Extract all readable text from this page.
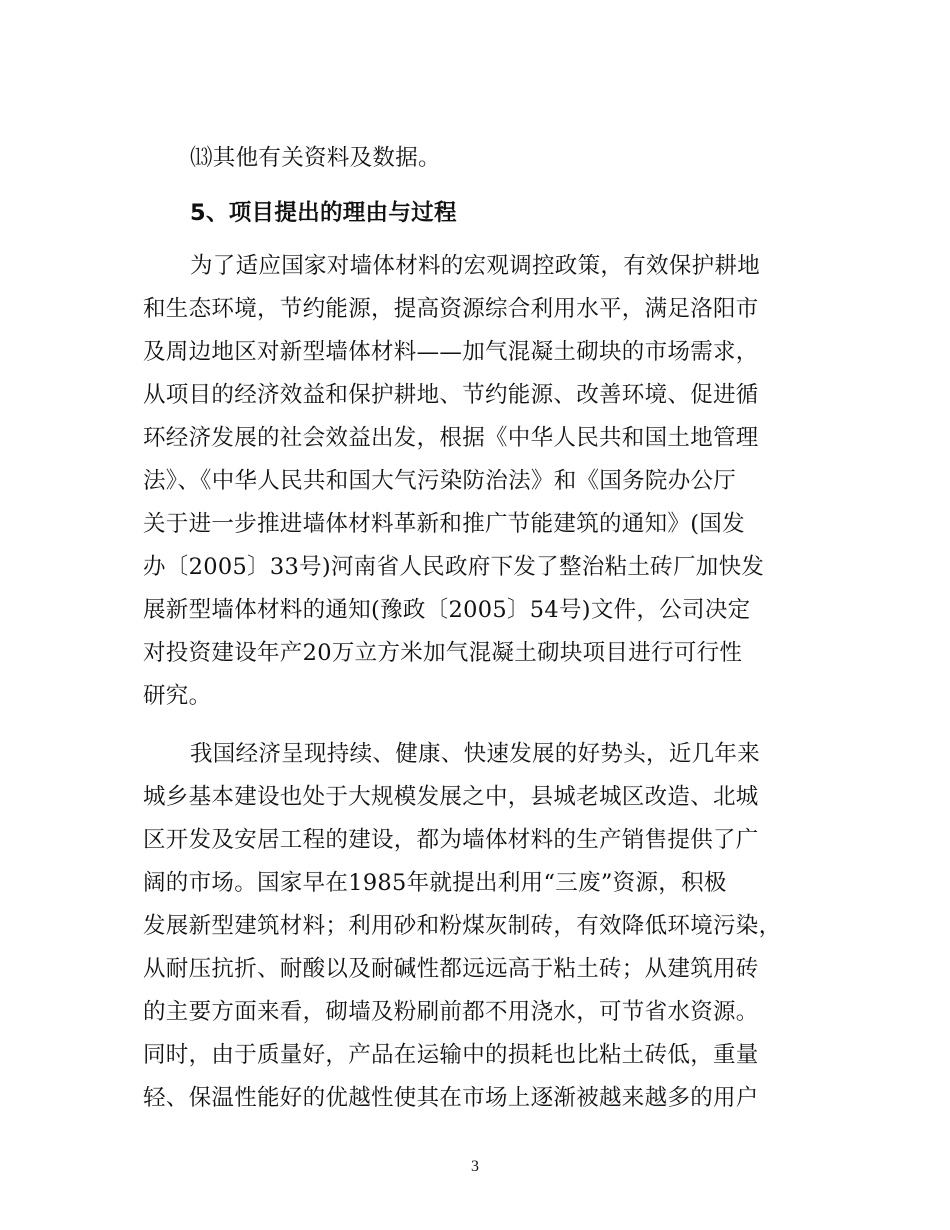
⒀其他有关资料及数据。
5、项目提出的理由与过程
为了适应国家对墙体材料的宏观调控政策，有效保护耕地
和生态环境，节约能源，提高资源综合利用水平，满足洛阳市
及周边地区对新型墙体材料——加气混凝土砌块的市场需求，
从项目的经济效益和保护耕地、节约能源、改善环境、促进循
环经济发展的社会效益出发，根据《中华人民共和国土地管理
法》、《中华人民共和国大气污染防治法》和《国务院办公厅
关于进一步推进墙体材料革新和推广节能建筑的通知》(国发
办〔2005〕33号)河南省人民政府下发了整治粘土砖厂加快发
展新型墙体材料的通知(豫政〔2005〕54号)文件，公司决定
对投资建设年产20万立方米加气混凝土砌块项目进行可行性
研究。
我国经济呈现持续、健康、快速发展的好势头，近几年来
城乡基本建设也处于大规模发展之中，县城老城区改造、北城
区开发及安居工程的建设，都为墙体材料的生产销售提供了广
阔的市场。国家早在1985年就提出利用“三废”资源，积极
发展新型建筑材料；利用砂和粉煤灰制砖，有效降低环境污染，
从耐压抗折、耐酸以及耐碱性都远远高于粘土砖；从建筑用砖
的主要方面来看，砌墙及粉刷前都不用浇水，可节省水资源。
同时，由于质量好，产品在运输中的损耗也比粘土砖低，重量
轻、保温性能好的优越性使其在市场上逐渐被越来越多的用户
3
